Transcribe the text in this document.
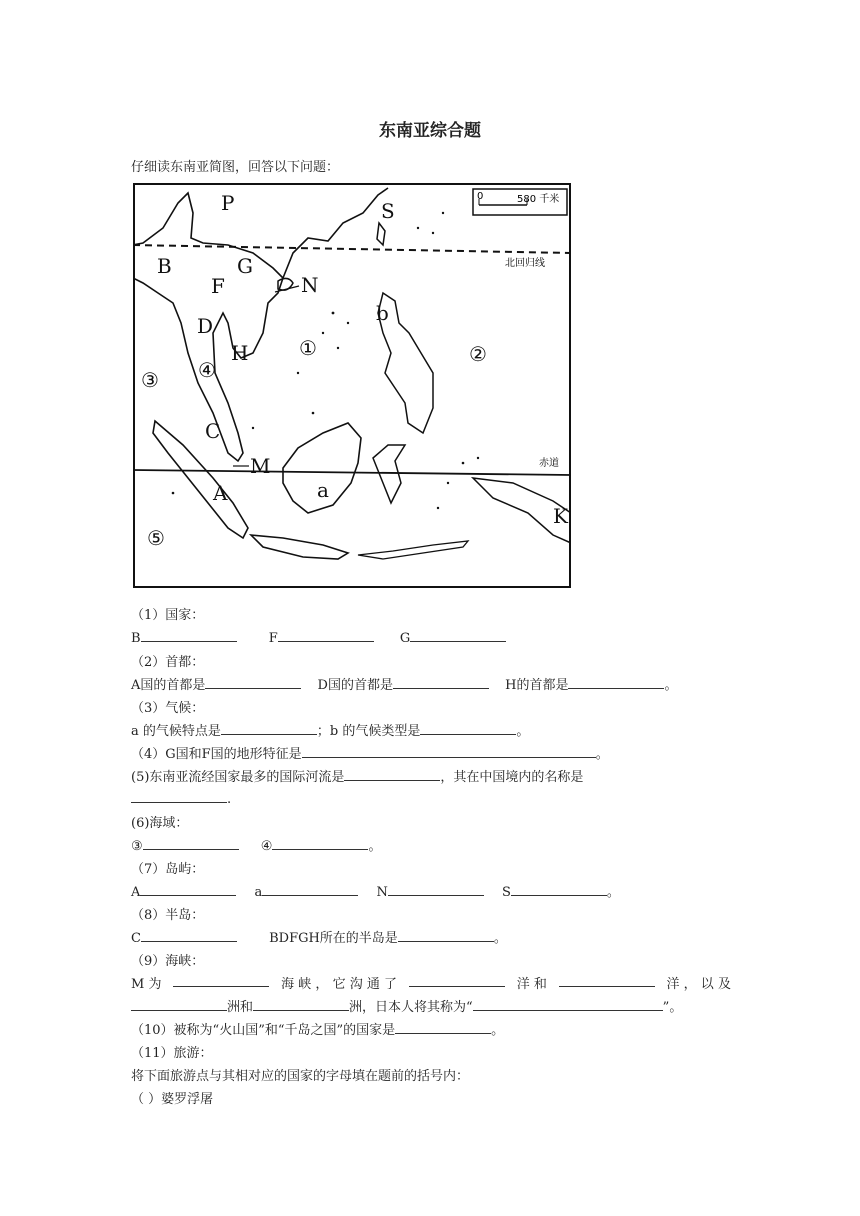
东南亚综合题
仔细读东南亚简图，回答以下问题：
0	580 千米
北回归线
赤道
P	S
B	G
F	N
D
b
H	①	②
③ ④
C
M
A	a
K
⑤
（1）国家：
B	F	G
（2）首都：
A国的首都是	D国的首都是	H的首都是	。
（3）气候：
a 的气候特点是	；b 的气候类型是	。
（4）G国和F国的地形特征是	。
(5)东南亚流经国家最多的国际河流是	，其在中国境内的名称是
.
(6)海域：
③	④	。
（7）岛屿：
A	a	N	S	。
（8）半岛：
C	BDFGH所在的半岛是	。
（9）海峡：
M 为	海 峡 ， 它 沟 通 了	洋 和	洋 ， 以 及
洲和	洲，日本人将其称为“	”。
（10）被称为“火山国”和“千岛之国”的国家是	。
（11）旅游：
将下面旅游点与其相对应的国家的字母填在题前的括号内：
（ ）婆罗浮屠
